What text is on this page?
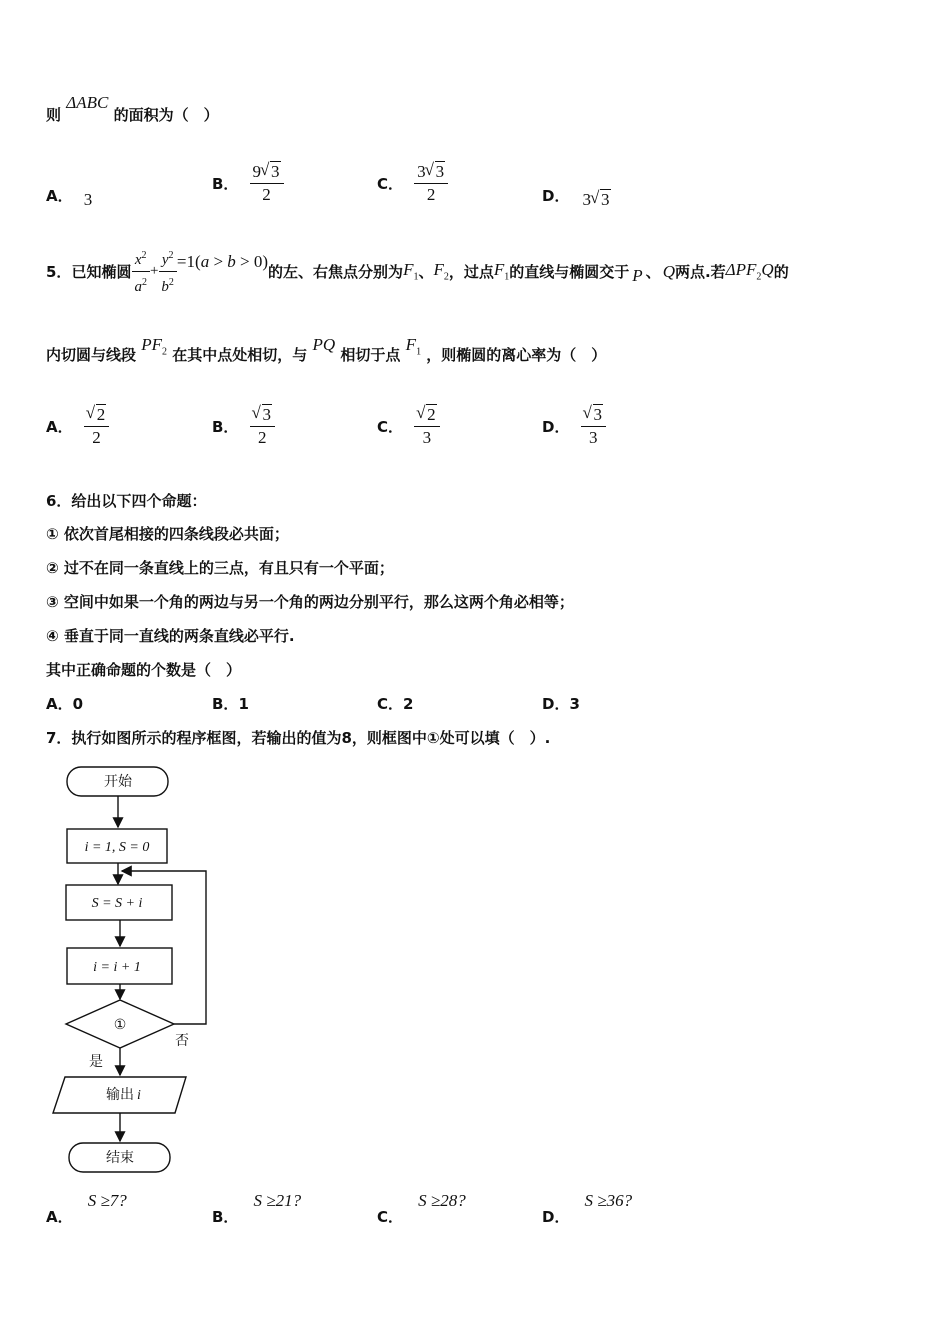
则 ΔABC 的面积为（　）
A． 3
B． $\frac{9 √ 3}{2}$	C． $\frac{3 √ 3}{2}$	D． 3 √ 3
5．已知椭圆 $\frac{x^2}{a^2} + \frac{y^2}{b^2} =1(a > b > 0)$的左、右焦点分别为$F_1$、$F_2$，过点$F_1$的直线与椭圆交于 P 、 Q两点.若$\Delta PF_2Q$的
内切圆与线段 $PF_2$ 在其中点处相切，与 PQ 相切于点 $F_1$ ，则椭圆的离心率为（　）
A． √ $\frac{2}{2}$	B． √ $\frac{3}{2}$	C． √ $\frac{2}{3}$	D． √ $\frac{3}{3}$
6．给出以下四个命题：
① 依次首尾相接的四条线段必共面；
② 过不在同一条直线上的三点，有且只有一个平面；
③ 空间中如果一个角的两边与另一个角的两边分别平行，那么这两个角必相等；
④ 垂直于同一直线的两条直线必平行.
其中正确命题的个数是（　）
A．0	B．1	C．2	D．3
7．执行如图所示的程序框图，若输出的值为8，则框图中①处可以填（　）.
开始
i = 1, S = 0
S = S + i
i = i + 1
①
否
是
输出 i
结束
A． S ≥7?
B． S ≥21?
C． S ≥28?
D． S ≥36?
